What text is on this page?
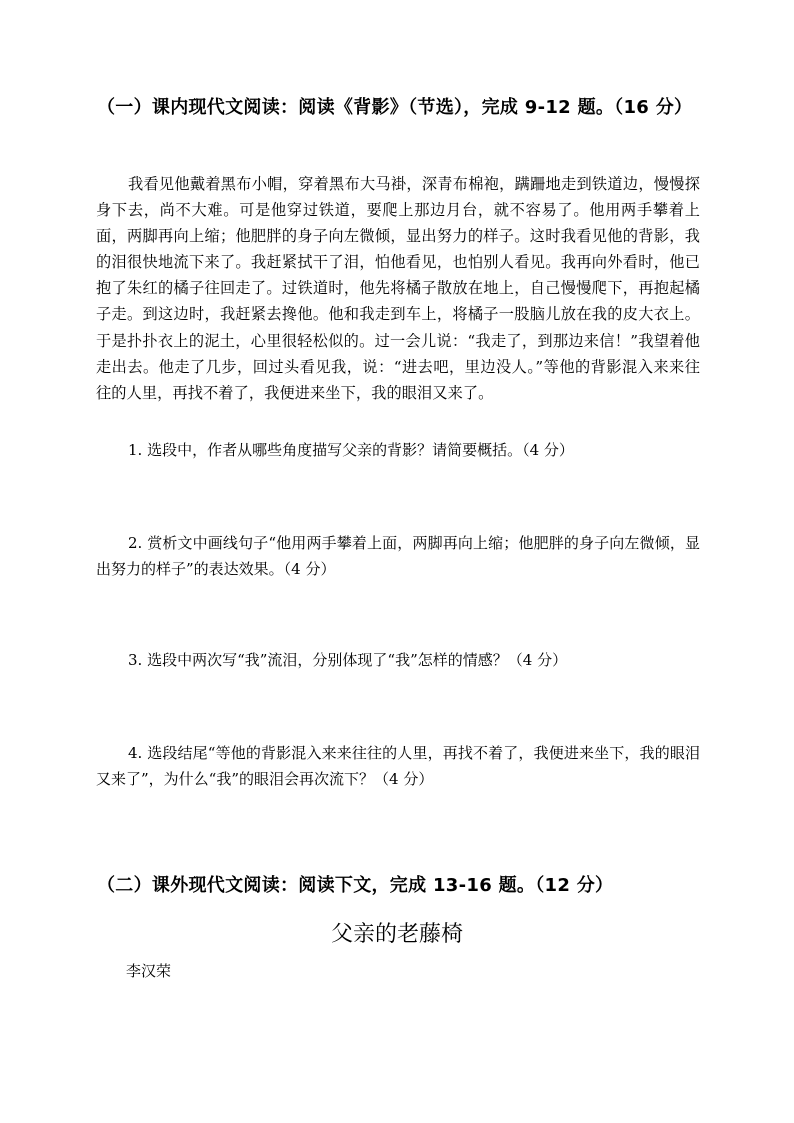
（一）课内现代文阅读：阅读《背影》（节选），完成 9-12 题。（16 分）
我看见他戴着黑布小帽，穿着黑布大马褂，深青布棉袍，蹒跚地走到铁道边，慢慢探身下去，尚不大难。可是他穿过铁道，要爬上那边月台，就不容易了。他用两手攀着上面，两脚再向上缩；他肥胖的身子向左微倾，显出努力的样子。这时我看见他的背影，我的泪很快地流下来了。我赶紧拭干了泪，怕他看见，也怕别人看见。我再向外看时，他已抱了朱红的橘子往回走了。过铁道时，他先将橘子散放在地上，自己慢慢爬下，再抱起橘子走。到这边时，我赶紧去搀他。他和我走到车上，将橘子一股脑儿放在我的皮大衣上。于是扑扑衣上的泥土，心里很轻松似的。过一会儿说：“我走了，到那边来信！”我望着他走出去。他走了几步，回过头看见我，说：“进去吧，里边没人。”等他的背影混入来来往往的人里，再找不着了，我便进来坐下，我的眼泪又来了。
1. 选段中，作者从哪些角度描写父亲的背影？请简要概括。（4 分）
2. 赏析文中画线句子“他用两手攀着上面，两脚再向上缩；他肥胖的身子向左微倾，显出努力的样子”的表达效果。（4 分）
3. 选段中两次写“我”流泪，分别体现了“我”怎样的情感？（4 分）
4. 选段结尾“等他的背影混入来来往往的人里，再找不着了，我便进来坐下，我的眼泪又来了”，为什么“我”的眼泪会再次流下？（4 分）
（二）课外现代文阅读：阅读下文，完成 13-16 题。（12 分）
父亲的老藤椅
李汉荣
